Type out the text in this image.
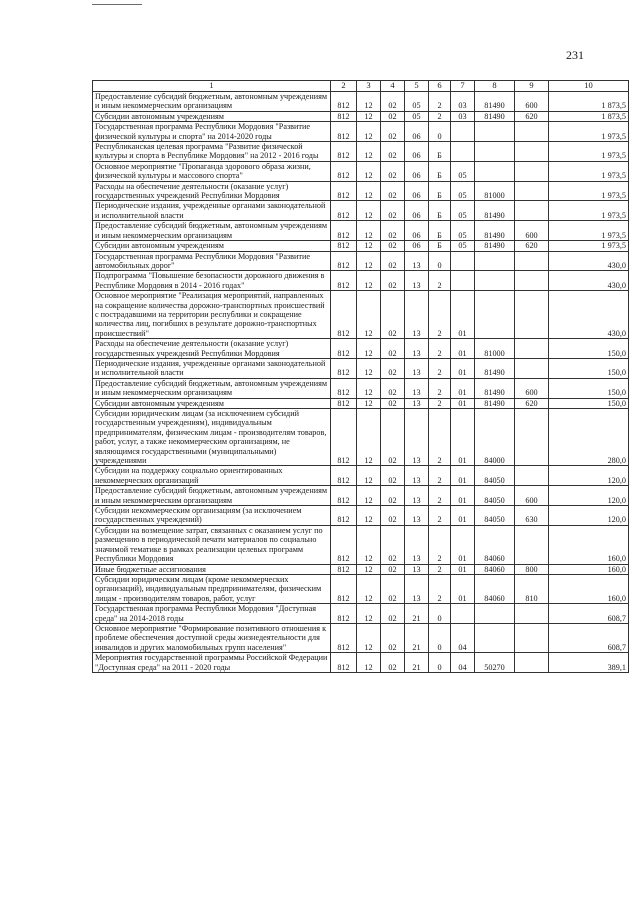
231
1	2	3	4	5	6	7	8	9	10
Предоставление субсидий бюджетным, автономным учреждениям и иным некоммерческим организациям	812	12	02	05	2	03	81490	600	1 873,5
Субсидии автономным учреждениям	812	12	02	05	2	03	81490	620	1 873,5
Государственная программа Республики Мордовия "Развитие физической культуры и спорта" на 2014-2020 годы	812	12	02	06	0				1 973,5
Республиканская целевая программа "Развитие физической культуры и спорта в Республике Мордовия" на 2012 - 2016 годы	812	12	02	06	Б				1 973,5
Основное мероприятие "Пропаганда здорового образа жизни, физической культуры и массового спорта"	812	12	02	06	Б	05			1 973,5
Расходы на обеспечение деятельности (оказание услуг) государственных учреждений Республики Мордовия	812	12	02	06	Б	05	81000		1 973,5
Периодические издания, учрежденные органами законодательной и исполнительной власти	812	12	02	06	Б	05	81490		1 973,5
Предоставление субсидий бюджетным, автономным учреждениям и иным некоммерческим организациям	812	12	02	06	Б	05	81490	600	1 973,5
Субсидии автономным учреждениям	812	12	02	06	Б	05	81490	620	1 973,5
Государственная программа Республики Мордовия "Развитие автомобильных дорог"	812	12	02	13	0				430,0
Подпрограмма "Повышение безопасности дорожного движения в Республике Мордовия в 2014 - 2016 годах"	812	12	02	13	2				430,0
Основное мероприятие "Реализация мероприятий, направленных на сокращение количества дорожно-транспортных происшествий с пострадавшими на территории республики и сокращение количества лиц, погибших в результате дорожно-транспортных происшествий"	812	12	02	13	2	01			430,0
Расходы на обеспечение деятельности (оказание услуг) государственных учреждений Республики Мордовия	812	12	02	13	2	01	81000		150,0
Периодические издания, учрежденные органами законодательной и исполнительной власти	812	12	02	13	2	01	81490		150,0
Предоставление субсидий бюджетным, автономным учреждениям и иным некоммерческим организациям	812	12	02	13	2	01	81490	600	150,0
Субсидии автономным учреждениям	812	12	02	13	2	01	81490	620	150,0
Субсидии юридическим лицам (за исключением субсидий государственным учреждениям), индивидуальным предпринимателям, физическим лицам - производителям товаров, работ, услуг, а также некоммерческим организациям, не являющимся государственными (муниципальными) учреждениями	812	12	02	13	2	01	84000		280,0
Субсидии на поддержку социально ориентированных некоммерческих организаций	812	12	02	13	2	01	84050		120,0
Предоставление субсидий бюджетным, автономным учреждениям и иным некоммерческим организациям	812	12	02	13	2	01	84050	600	120,0
Субсидии некоммерческим организациям (за исключением государственных учреждений)	812	12	02	13	2	01	84050	630	120,0
Субсидии на возмещение затрат, связанных с оказанием услуг по размещению в периодической печати материалов по социально значимой тематике в рамках реализации целевых программ Республики Мордовия	812	12	02	13	2	01	84060		160,0
Иные бюджетные ассигнования	812	12	02	13	2	01	84060	800	160,0
Субсидии юридическим лицам (кроме некоммерческих организаций), индивидуальным предпринимателям, физическим лицам - производителям товаров, работ, услуг	812	12	02	13	2	01	84060	810	160,0
Государственная программа Республики Мордовия "Доступная среда" на 2014-2018 годы	812	12	02	21	0				608,7
Основное мероприятие "Формирование позитивного отношения к проблеме обеспечения доступной среды жизнедеятельности для инвалидов и других маломобильных групп населения"	812	12	02	21	0	04			608,7
Мероприятия государственной программы Российской Федерации "Доступная среда" на 2011 - 2020 годы	812	12	02	21	0	04	50270		389,1
